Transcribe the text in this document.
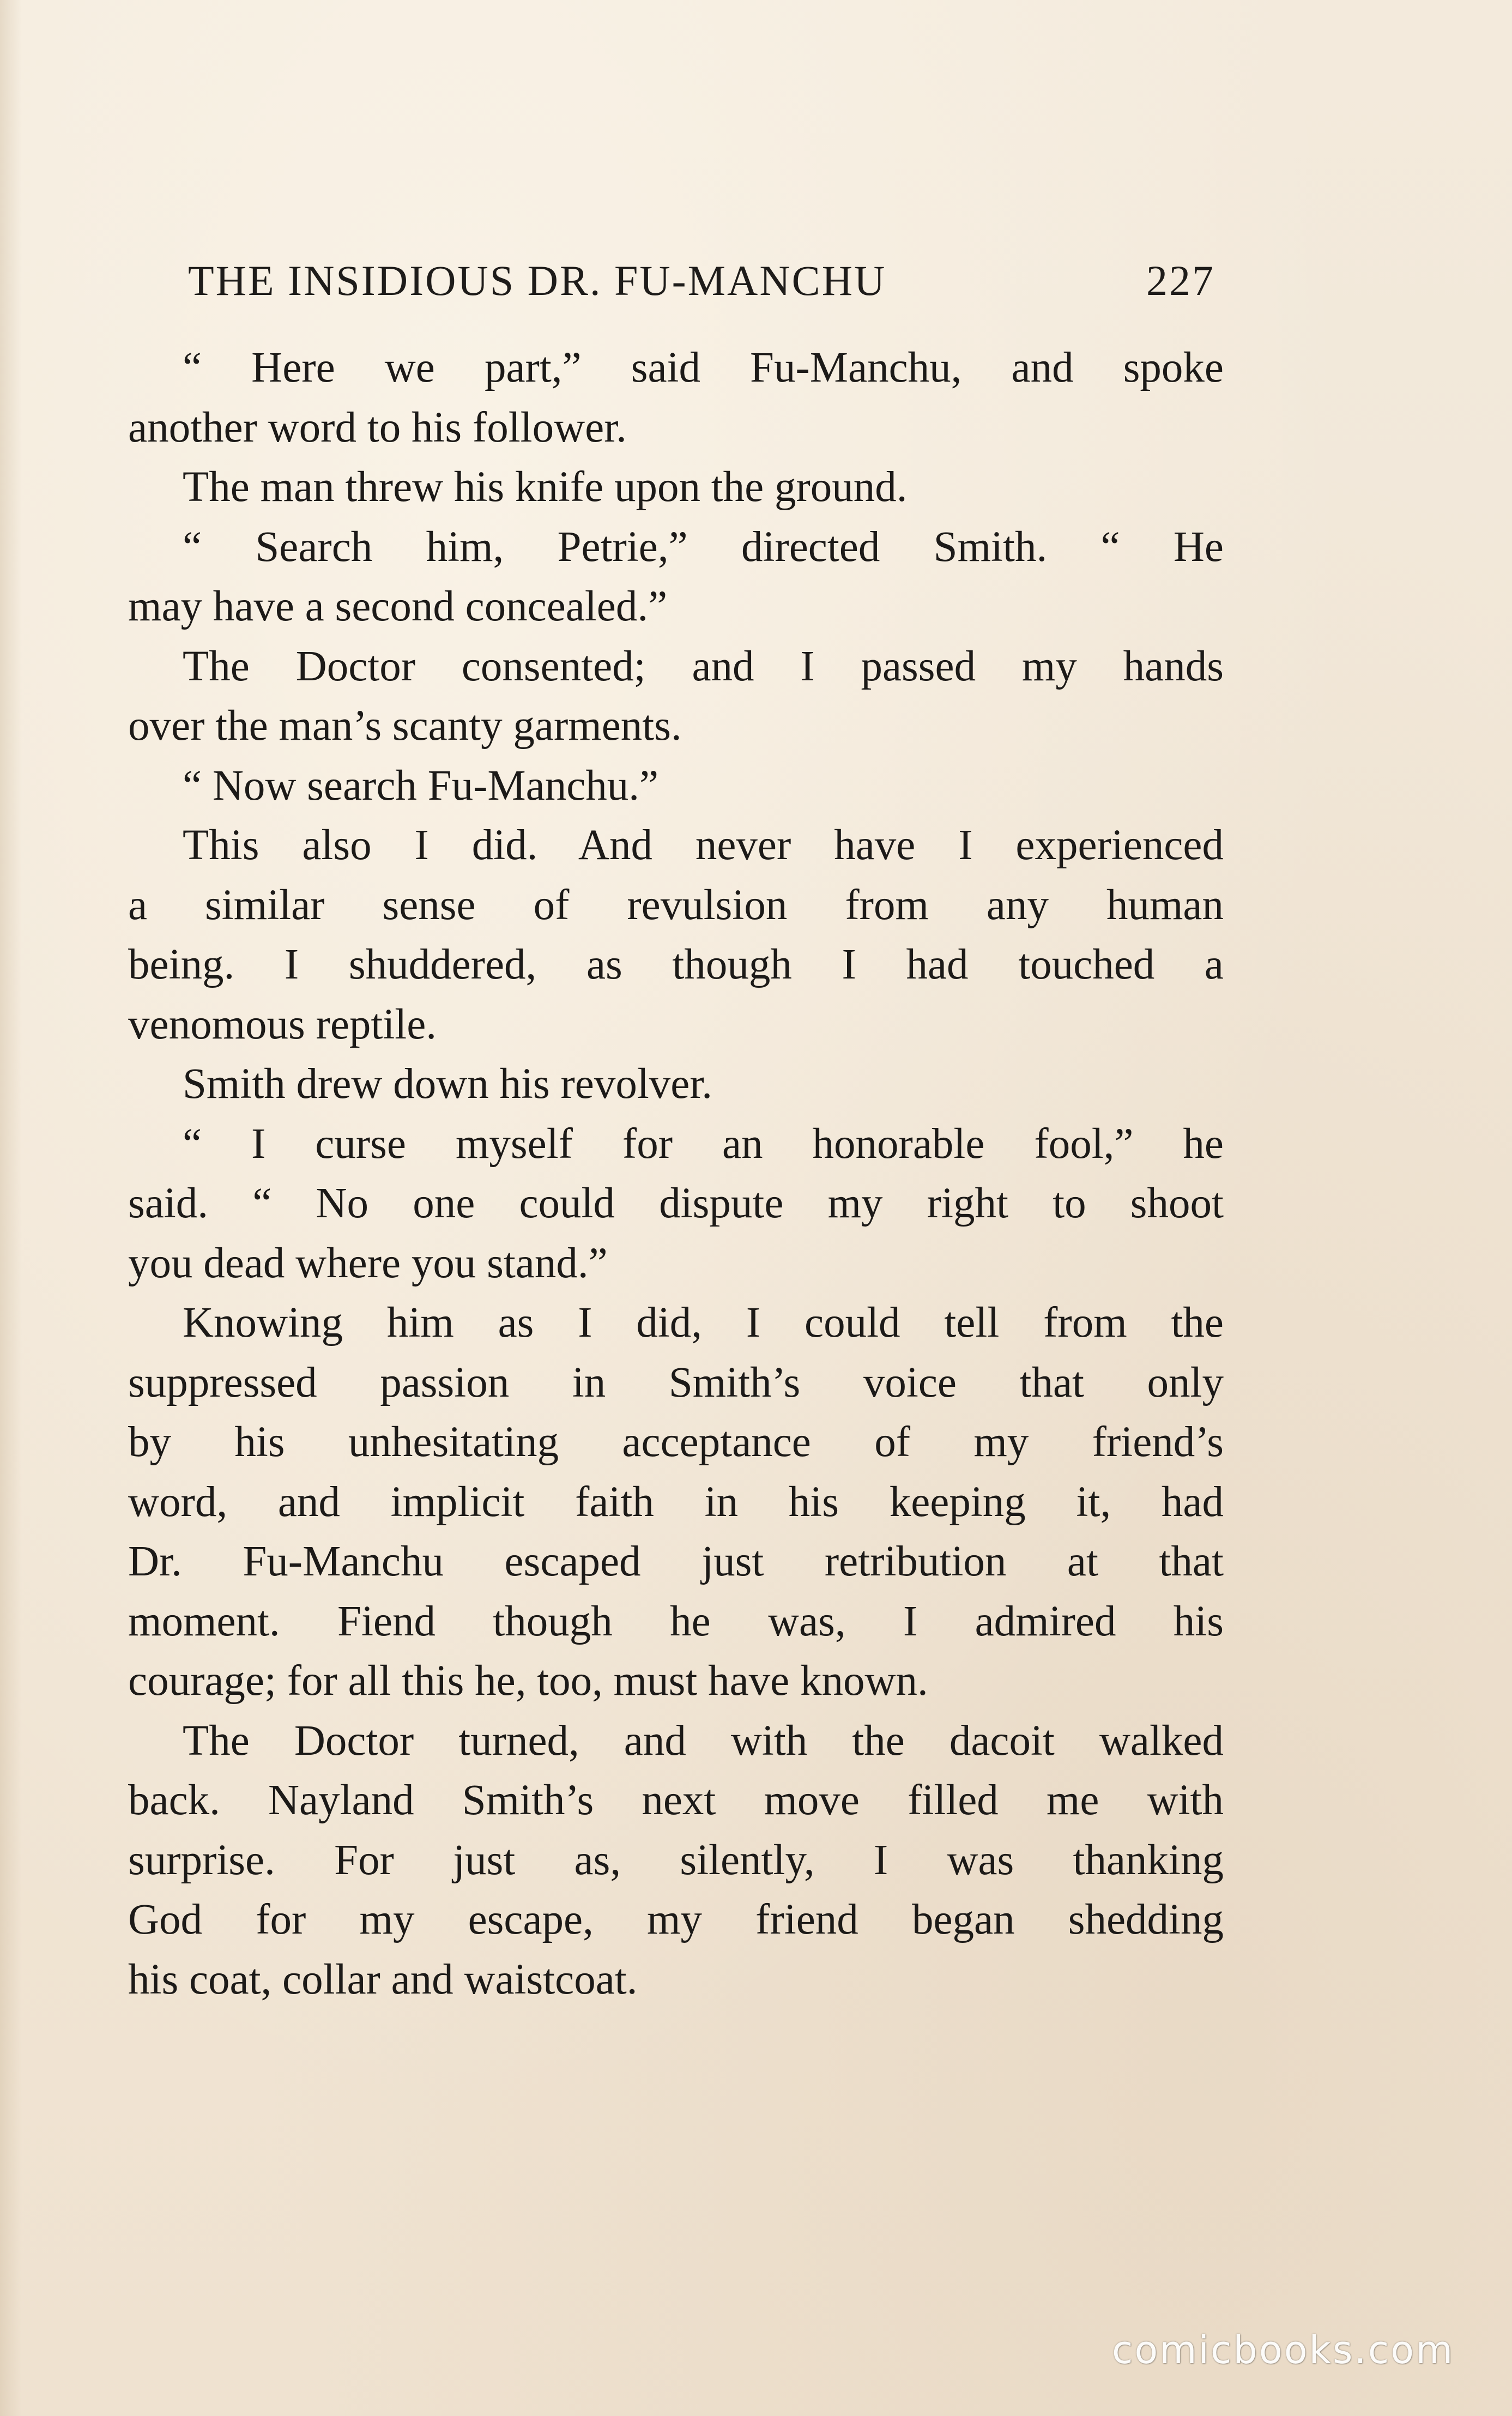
THE INSIDIOUS DR. FU-MANCHU	227
“ Here we part,” said Fu-Manchu, and spoke
another word to his follower.
The man threw his knife upon the ground.
“ Search him, Petrie,” directed Smith. “ He
may have a second concealed.”
The Doctor consented; and I passed my hands
over the man’s scanty garments.
“ Now search Fu-Manchu.”
This also I did. And never have I experienced
a similar sense of revulsion from any human
being. I shuddered, as though I had touched a
venomous reptile.
Smith drew down his revolver.
“ I curse myself for an honorable fool,” he
said. “ No one could dispute my right to shoot
you dead where you stand.”
Knowing him as I did, I could tell from the
suppressed passion in Smith’s voice that only
by his unhesitating acceptance of my friend’s
word, and implicit faith in his keeping it, had
Dr. Fu-Manchu escaped just retribution at that
moment. Fiend though he was, I admired his
courage; for all this he, too, must have known.
The Doctor turned, and with the dacoit walked
back. Nayland Smith’s next move filled me with
surprise. For just as, silently, I was thanking
God for my escape, my friend began shedding
his coat, collar and waistcoat.
comicbooks.com
